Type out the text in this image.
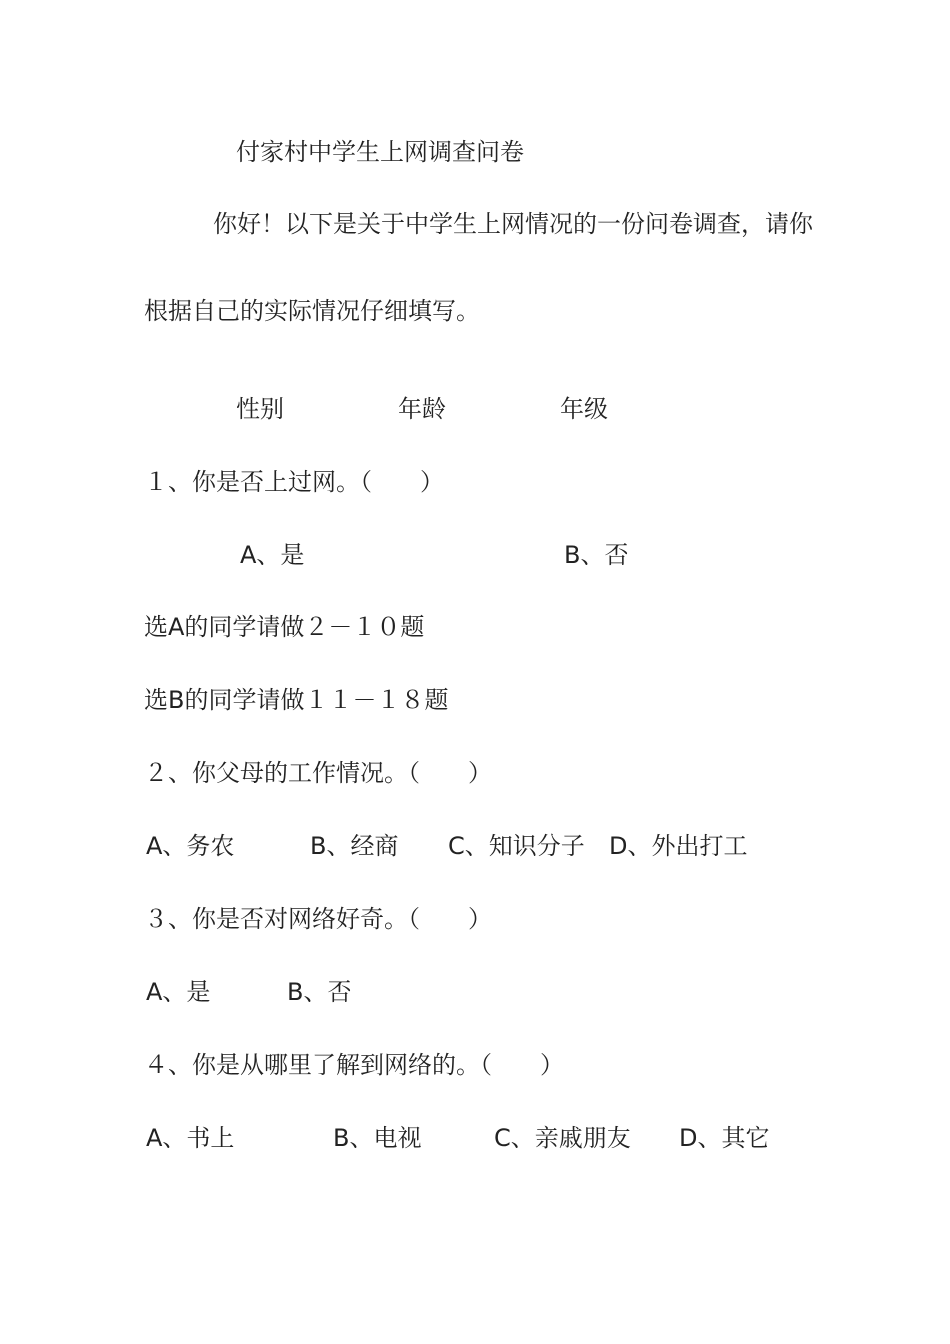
付家村中学生上网调查问卷
你好！以下是关于中学生上网情况的一份问卷调查，请你
根据自己的实际情况仔细填写。
性别	年龄	年级
１、你是否上过网。（　　）
A、是	B、否
选A的同学请做２－１０题
选B的同学请做１１－１８题
２、你父母的工作情况。（　　）
A、务农	B、经商 C、知识分子 D、外出打工
３、你是否对网络好奇。（　　）
A、是	B、否
４、你是从哪里了解到网络的。（　　）
A、书上	B、电视	C、亲戚朋友 D、其它
